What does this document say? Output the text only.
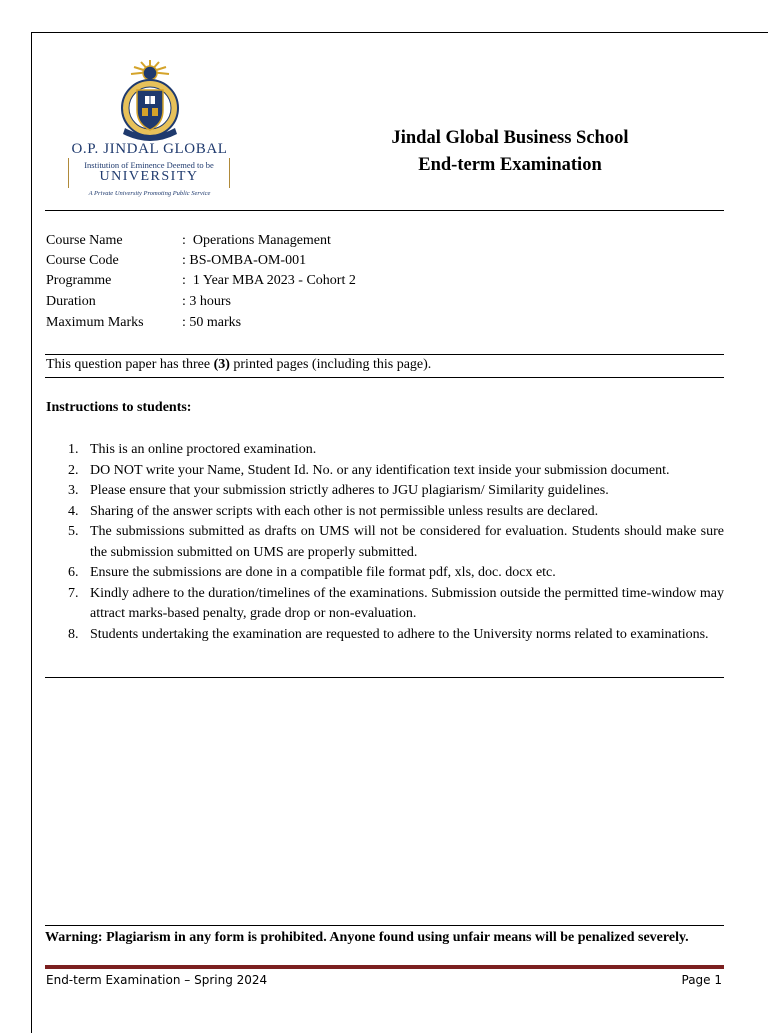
O.P. JINDAL GLOBAL
Institution of Eminence Deemed to be
UNIVERSITY
A Private University Promoting Public Service
Jindal Global Business School
End-term Examination
Course Name	:  Operations Management
Course Code	: BS-OMBA-OM-001
Programme	:  1 Year MBA 2023 - Cohort 2
Duration	: 3 hours
Maximum Marks	: 50 marks
This question paper has three (3) printed pages (including this page).
Instructions to students:
1. This is an online proctored examination.
2. DO NOT write your Name, Student Id. No. or any identification text inside your submission document.
3. Please ensure that your submission strictly adheres to JGU plagiarism/ Similarity guidelines.
4. Sharing of the answer scripts with each other is not permissible unless results are declared.
5. The submissions submitted as drafts on UMS will not be considered for evaluation. Students should make sure the submission submitted on UMS are properly submitted.
6. Ensure the submissions are done in a compatible file format pdf, xls, doc. docx etc.
7. Kindly adhere to the duration/timelines of the examinations. Submission outside the permitted time-window may attract marks-based penalty, grade drop or non-evaluation.
8. Students undertaking the examination are requested to adhere to the University norms related to examinations.
Warning: Plagiarism in any form is prohibited. Anyone found using unfair means will be penalized severely.
End-term Examination – Spring 2024	Page 1
